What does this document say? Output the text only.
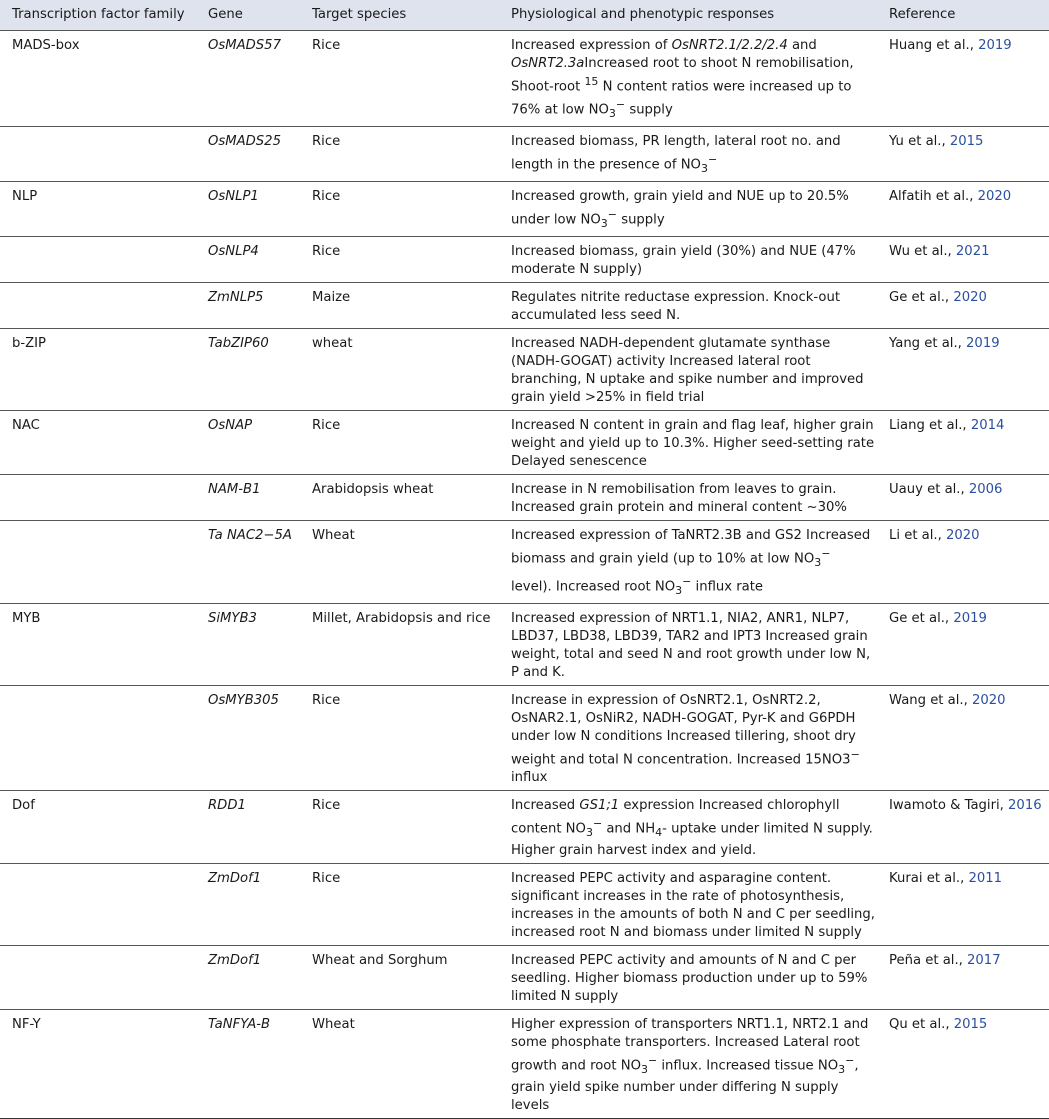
Transcription factor family	Gene	Target species	Physiological and phenotypic responses	Reference
MADS-box	OsMADS57	Rice	Increased expression of OsNRT2.1/2.2/2.4 and OsNRT2.3aIncreased root to shoot N remobilisation, Shoot-root $^{15}$ N content ratios were increased up to 76% at low $NO_3^-$ supply	Huang et al., 2019
	OsMADS25	Rice	Increased biomass, PR length, lateral root no. and length in the presence of $NO_3^-$	Yu et al., 2015
NLP	OsNLP1	Rice	Increased growth, grain yield and NUE up to 20.5% under low $NO_3^-$ supply	Alfatih et al., 2020
	OsNLP4	Rice	Increased biomass, grain yield (30%) and NUE (47% moderate N supply)	Wu et al., 2021
	ZmNLP5	Maize	Regulates nitrite reductase expression. Knock-out accumulated less seed N.	Ge et al., 2020
b-ZIP	TabZIP60	wheat	Increased NADH-dependent glutamate synthase (NADH-GOGAT) activity Increased lateral root branching, N uptake and spike number and improved grain yield >25% in field trial	Yang et al., 2019
NAC	OsNAP	Rice	Increased N content in grain and flag leaf, higher grain weight and yield up to 10.3%. Higher seed-setting rate Delayed senescence	Liang et al., 2014
	NAM-B1	Arabidopsis wheat	Increase in N remobilisation from leaves to grain. Increased grain protein and mineral content ~30%	Uauy et al., 2006
	Ta NAC2−5A	Wheat	Increased expression of TaNRT2.3B and GS2 Increased biomass and grain yield (up to 10% at low $NO_3^-$ level). Increased root $NO_3^-$ influx rate	Li et al., 2020
MYB	SiMYB3	Millet, Arabidopsis and rice	Increased expression of NRT1.1, NIA2, ANR1, NLP7, LBD37, LBD38, LBD39, TAR2 and IPT3 Increased grain weight, total and seed N and root growth under low N, P and K.	Ge et al., 2019
	OsMYB305	Rice	Increase in expression of OsNRT2.1, OsNRT2.2, OsNAR2.1, OsNiR2, NADH-GOGAT, Pyr-K and G6PDH under low N conditions Increased tillering, shoot dry weight and total N concentration. Increased 15NO3− influx	Wang et al., 2020
Dof	RDD1	Rice	Increased GS1;1 expression Increased chlorophyll content $NO_3^-$ and $NH_4-$ uptake under limited N supply. Higher grain harvest index and yield.	Iwamoto & Tagiri, 2016
	ZmDof1	Rice	Increased PEPC activity and asparagine content. significant increases in the rate of photosynthesis, increases in the amounts of both N and C per seedling, increased root N and biomass under limited N supply	Kurai et al., 2011
	ZmDof1	Wheat and Sorghum	Increased PEPC activity and amounts of N and C per seedling. Higher biomass production under up to 59% limited N supply	Peña et al., 2017
NF-Y	TaNFYA-B	Wheat	Higher expression of transporters NRT1.1, NRT2.1 and some phosphate transporters. Increased Lateral root growth and root $NO_3^-$ influx. Increased tissue $NO_3^-$, grain yield spike number under differing N supply levels	Qu et al., 2015
